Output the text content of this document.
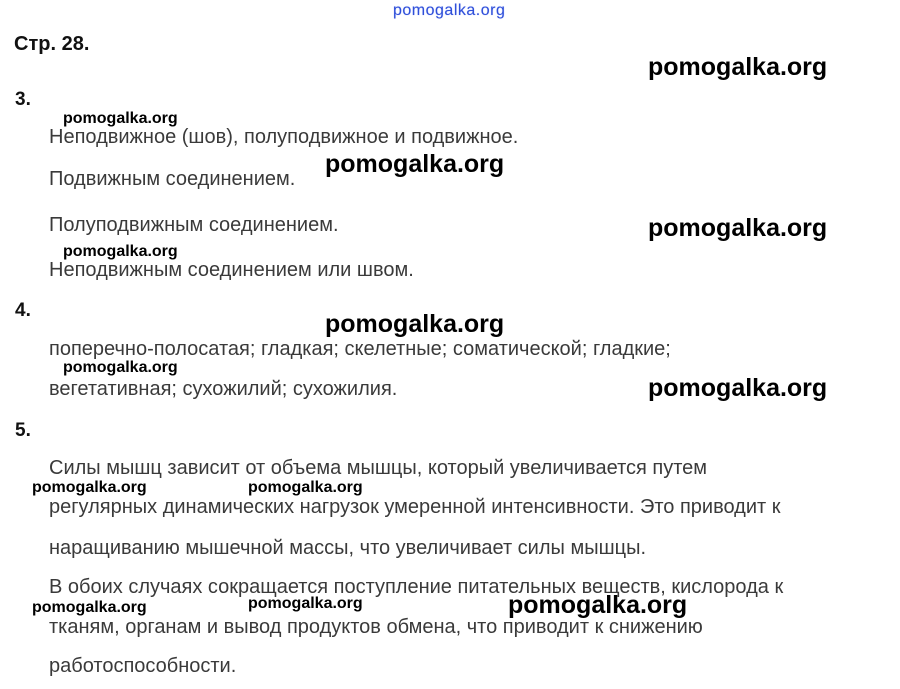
pomogalka.org
Стр. 28.
3.
Неподвижное (шов), полуподвижное и подвижное.
Подвижным соединением.
Полуподвижным соединением.
Неподвижным соединением или швом.
4.
поперечно-полосатая; гладкая; скелетные; соматической; гладкие;
вегетативная; сухожилий; сухожилия.
5.
Силы мышц зависит от объема мышцы, который увеличивается путем
регулярных динамических нагрузок умеренной интенсивности. Это приводит к
наращиванию мышечной массы, что увеличивает силы мышцы.
В обоих случаях сокращается поступление питательных веществ, кислорода к
тканям, органам и вывод продуктов обмена, что приводит к снижению
работоспособности.
pomogalka.org
pomogalka.org
pomogalka.org
pomogalka.org
pomogalka.org
pomogalka.org
pomogalka.org
pomogalka.org
pomogalka.org	pomogalka.org
pomogalka.org
pomogalka.org	pomogalka.org
